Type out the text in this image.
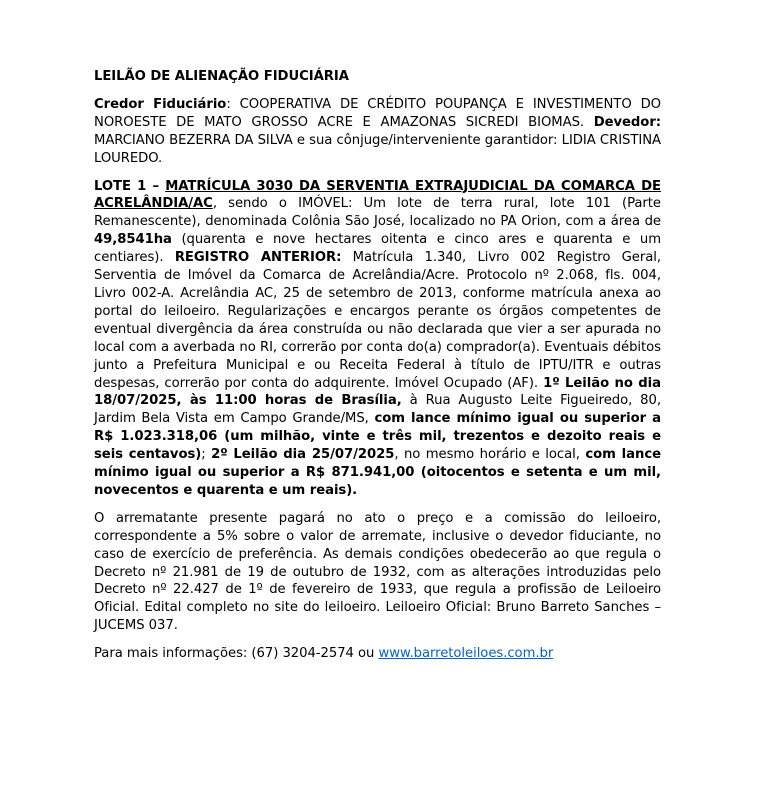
LEILÃO DE ALIENAÇÃO FIDUCIÁRIA

Credor Fiduciário: COOPERATIVA DE CRÉDITO POUPANÇA E INVESTIMENTO DO NOROESTE DE MATO GROSSO ACRE E AMAZONAS SICREDI BIOMAS. Devedor: MARCIANO BEZERRA DA SILVA e sua cônjuge/interveniente garantidor: LIDIA CRISTINA LOUREDO.

LOTE 1 – MATRÍCULA 3030 DA SERVENTIA EXTRAJUDICIAL DA COMARCA DE ACRELÂNDIA/AC, sendo o IMÓVEL: Um lote de terra rural, lote 101 (Parte Remanescente), denominada Colônia São José, localizado no PA Orion, com a área de 49,8541ha (quarenta e nove hectares oitenta e cinco ares e quarenta e um centiares). REGISTRO ANTERIOR: Matrícula 1.340, Livro 002 Registro Geral, Serventia de Imóvel da Comarca de Acrelândia/Acre. Protocolo nº 2.068, fls. 004, Livro 002-A. Acrelândia AC, 25 de setembro de 2013, conforme matrícula anexa ao portal do leiloeiro. Regularizações e encargos perante os órgãos competentes de eventual divergência da área construída ou não declarada que vier a ser apurada no local com a averbada no RI, correrão por conta do(a) comprador(a). Eventuais débitos junto a Prefeitura Municipal e ou Receita Federal à título de IPTU/ITR e outras despesas, correrão por conta do adquirente. Imóvel Ocupado (AF). 1º Leilão no dia 18/07/2025, às 11:00 horas de Brasília, à Rua Augusto Leite Figueiredo, 80, Jardim Bela Vista em Campo Grande/MS, com lance mínimo igual ou superior a R$ 1.023.318,06 (um milhão, vinte e três mil, trezentos e dezoito reais e seis centavos); 2º Leilão dia 25/07/2025, no mesmo horário e local, com lance mínimo igual ou superior a R$ 871.941,00 (oitocentos e setenta e um mil, novecentos e quarenta e um reais).

O arrematante presente pagará no ato o preço e a comissão do leiloeiro, correspondente a 5% sobre o valor de arremate, inclusive o devedor fiduciante, no caso de exercício de preferência. As demais condições obedecerão ao que regula o Decreto nº 21.981 de 19 de outubro de 1932, com as alterações introduzidas pelo Decreto nº 22.427 de 1º de fevereiro de 1933, que regula a profissão de Leiloeiro Oficial. Edital completo no site do leiloeiro. Leiloeiro Oficial: Bruno Barreto Sanches – JUCEMS 037.

Para mais informações: (67) 3204-2574 ou www.barretoleiloes.com.br
